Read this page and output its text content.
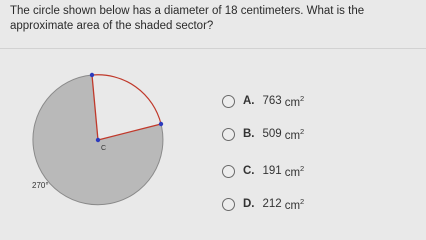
The circle shown below has a diameter of 18 centimeters. What is the approximate area of the shaded sector?

C
270°
A. 763 $cm^2$
B. 509 $cm^2$
C. 191 $cm^2$
D. 212 $cm^2$
